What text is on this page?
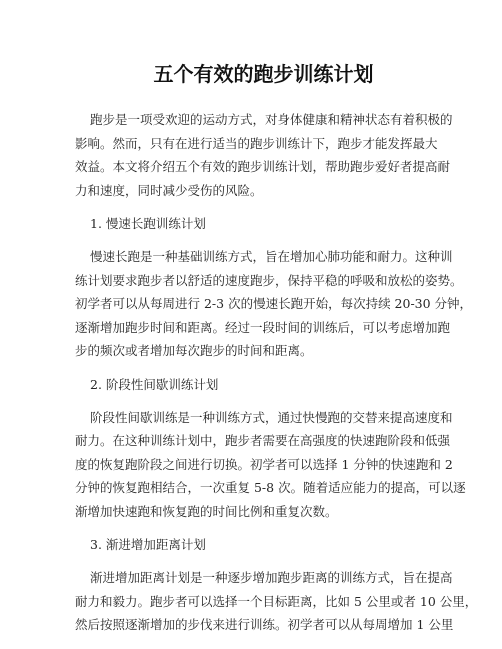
五个有效的跑步训练计划

跑步是一项受欢迎的运动方式，对身体健康和精神状态有着积极的
影响。然而，只有在进行适当的跑步训练计下，跑步才能发挥最大
效益。本文将介绍五个有效的跑步训练计划，帮助跑步爱好者提高耐
力和速度，同时减少受伤的风险。

1. 慢速长跑训练计划

慢速长跑是一种基础训练方式，旨在增加心肺功能和耐力。这种训
练计划要求跑步者以舒适的速度跑步，保持平稳的呼吸和放松的姿势。
初学者可以从每周进行 2-3 次的慢速长跑开始，每次持续 20-30 分钟，
逐渐增加跑步时间和距离。经过一段时间的训练后，可以考虑增加跑
步的频次或者增加每次跑步的时间和距离。

2. 阶段性间歇训练计划

阶段性间歇训练是一种训练方式，通过快慢跑的交替来提高速度和
耐力。在这种训练计划中，跑步者需要在高强度的快速跑阶段和低强
度的恢复跑阶段之间进行切换。初学者可以选择 1 分钟的快速跑和 2
分钟的恢复跑相结合，一次重复 5-8 次。随着适应能力的提高，可以逐
渐增加快速跑和恢复跑的时间比例和重复次数。

3. 渐进增加距离计划

渐进增加距离计划是一种逐步增加跑步距离的训练方式，旨在提高
耐力和毅力。跑步者可以选择一个目标距离，比如 5 公里或者 10 公里，
然后按照逐渐增加的步伐来进行训练。初学者可以从每周增加 1 公里
